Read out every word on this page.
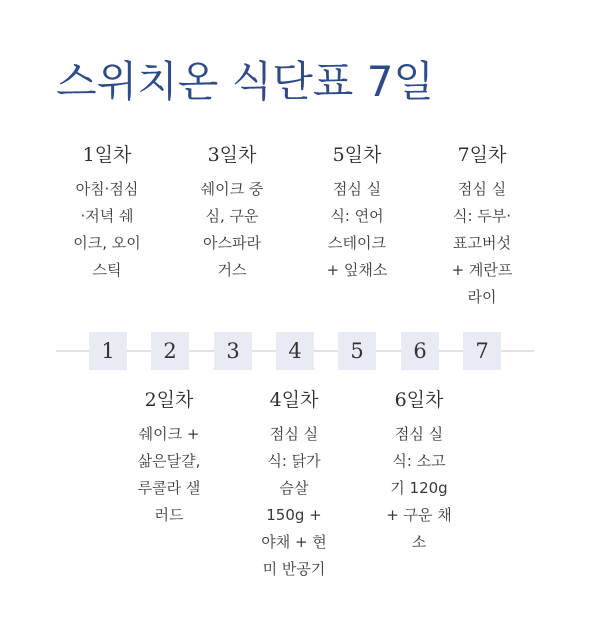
스위치온 식단표 7일
1일차
아침·점심
·저녁 쉐
이크, 오이
스틱
3일차
쉐이크 중
심, 구운
아스파라
거스
5일차
점심 실
식: 연어
스테이크
+ 잎채소
7일차
점심 실
식: 두부·
표고버섯
+ 계란프
라이
1	2	3	4	5	6	7
2일차
쉐이크 +
삶은달걀,
루콜라 샐
러드
4일차
점심 실
식: 닭가
슴살
150g +
야채 + 현
미 반공기
6일차
점심 실
식: 소고
기 120g
+ 구운 채
소
